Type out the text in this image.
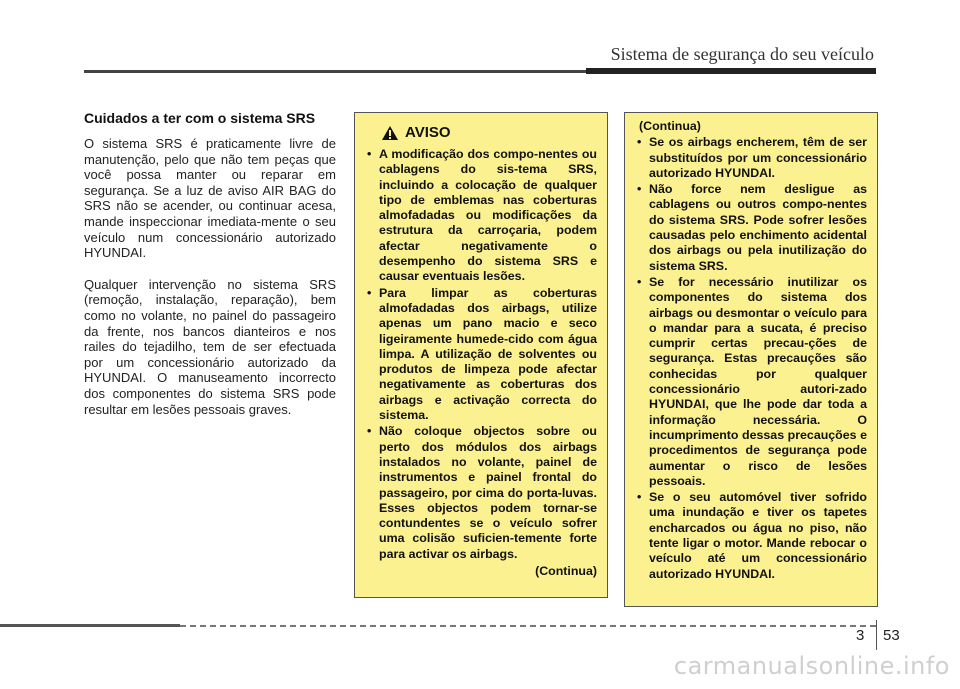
Sistema de segurança do seu veículo
Cuidados a ter com o sistema SRS

O sistema SRS é praticamente livre de manutenção, pelo que não tem peças que você possa manter ou reparar em segurança. Se a luz de aviso AIR BAG do SRS não se acender, ou continuar acesa, mande inspeccionar imediata-mente o seu veículo num concessionário autorizado HYUNDAI.

Qualquer intervenção no sistema SRS (remoção, instalação, reparação), bem como no volante, no painel do passageiro da frente, nos bancos dianteiros e nos railes do tejadilho, tem de ser efectuada por um concessionário autorizado da HYUNDAI. O manuseamento incorrecto dos componentes do sistema SRS pode resultar em lesões pessoais graves.

AVISO
• A modificação dos compo-nentes ou cablagens do sis-tema SRS, incluindo a colocação de qualquer tipo de emblemas nas coberturas almofadadas ou modificações da estrutura da carroçaria, podem afectar negativamente o desempenho do sistema SRS e causar eventuais lesões.
• Para limpar as coberturas almofadadas dos airbags, utilize apenas um pano macio e seco ligeiramente humede-cido com água limpa. A utilização de solventes ou produtos de limpeza pode afectar negativamente as coberturas dos airbags e activação correcta do sistema.
• Não coloque objectos sobre ou perto dos módulos dos airbags instalados no volante, painel de instrumentos e painel frontal do passageiro, por cima do porta-luvas. Esses objectos podem tornar-se contundentes se o veículo sofrer uma colisão suficien-temente forte para activar os airbags.
(Continua)
(Continua)
• Se os airbags encherem, têm de ser substituídos por um concessionário autorizado HYUNDAI.
• Não force nem desligue as cablagens ou outros compo-nentes do sistema SRS. Pode sofrer lesões causadas pelo enchimento acidental dos airbags ou pela inutilização do sistema SRS.
• Se for necessário inutilizar os componentes do sistema dos airbags ou desmontar o veículo para o mandar para a sucata, é preciso cumprir certas precau-ções de segurança. Estas precauções são conhecidas por qualquer concessionário autori-zado HYUNDAI, que lhe pode dar toda a informação necessária. O incumprimento dessas precauções e procedimentos de segurança pode aumentar o risco de lesões pessoais.
• Se o seu automóvel tiver sofrido uma inundação e tiver os tapetes encharcados ou água no piso, não tente ligar o motor. Mande rebocar o veículo até um concessionário autorizado HYUNDAI.
3 53
carmanualsonline.info
